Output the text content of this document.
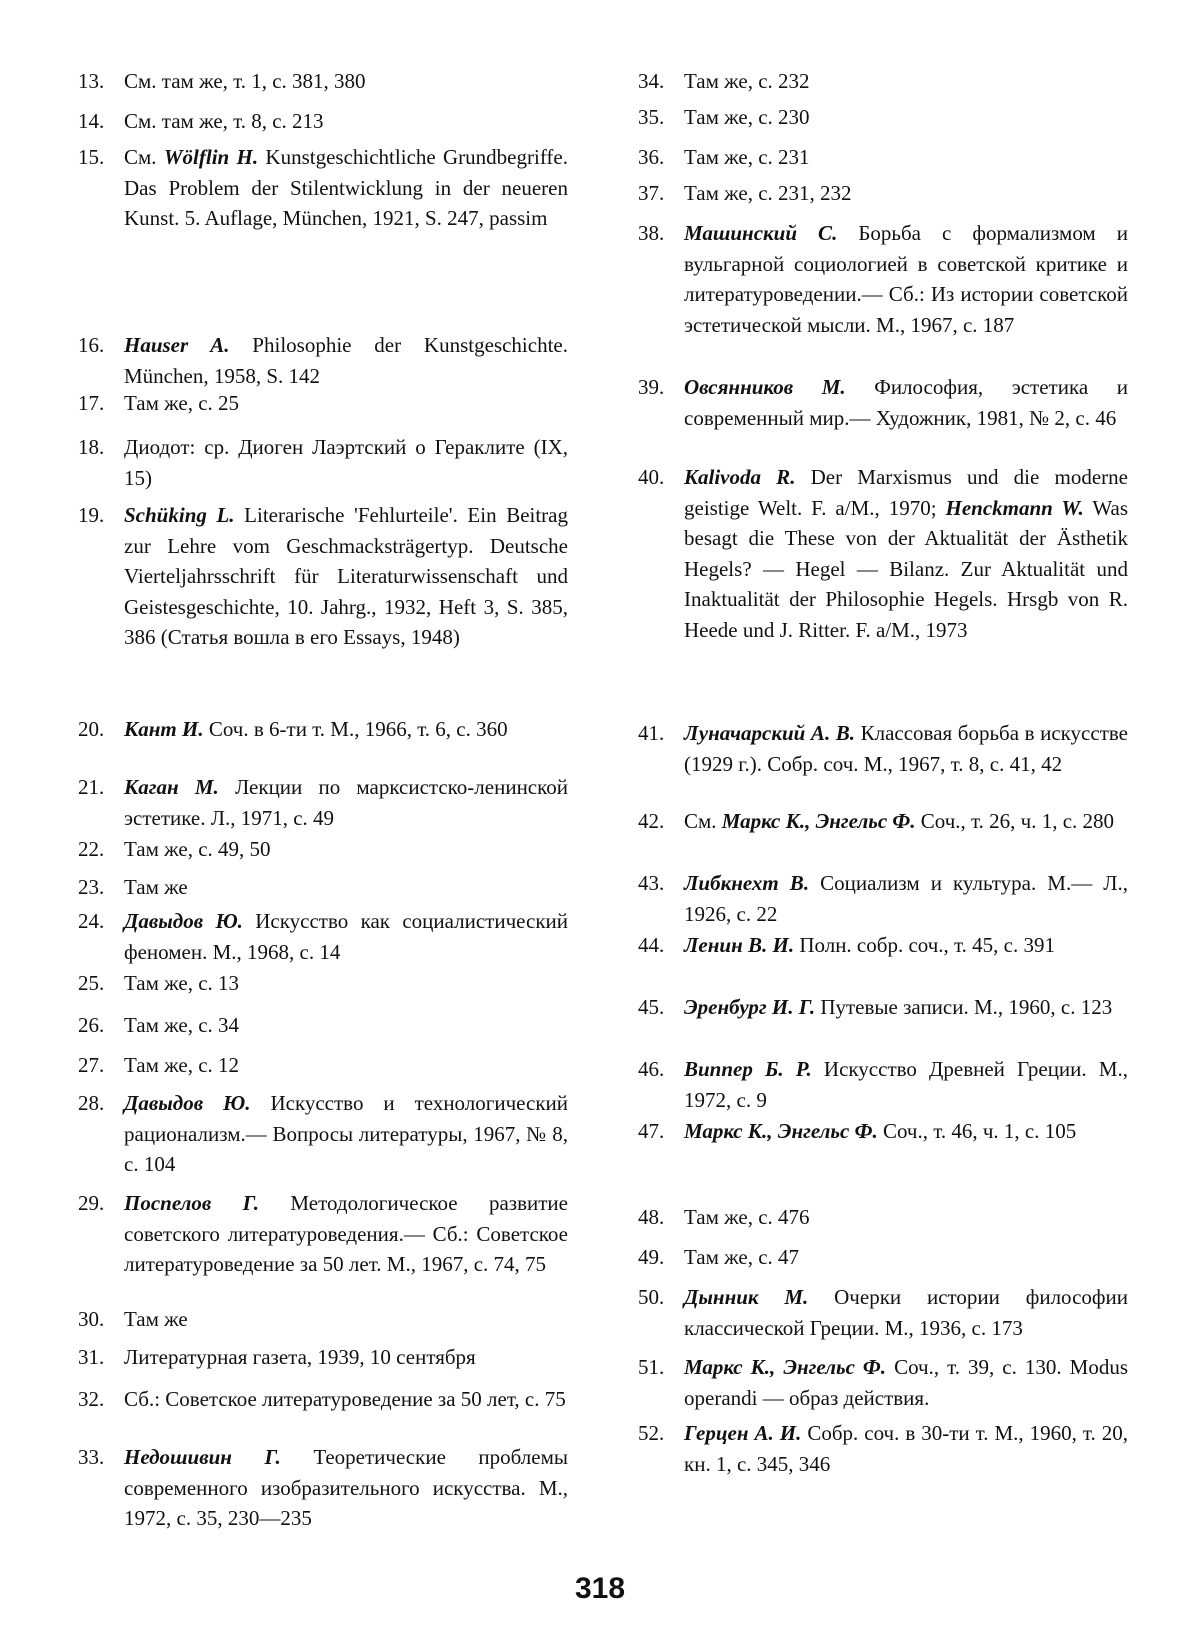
13. См. там же, т. 1, с. 381, 380
14. См. там же, т. 8, с. 213
15. См. Wölflin H. Kunstgeschichtliche Grundbegriffe. Das Problem der Stilentwicklung in der neueren Kunst. 5. Auflage, München, 1921, S. 247, passim
16. Hauser A. Philosophie der Kunstgeschichte. München, 1958, S. 142
17. Там же, с. 25
18. Диодот: ср. Диоген Лаэртский о Гераклите (IX, 15)
19. Schüking L. Literarische 'Fehlurteile'. Ein Beitrag zur Lehre vom Geschmacksträgertyp. Deutsche Vierteljahrsschrift für Literaturwissenschaft und Geistesgeschichte, 10. Jahrg., 1932, Heft 3, S. 385, 386 (Статья вошла в его Essays, 1948)
20. Кант И. Соч. в 6-ти т. М., 1966, т. 6, с. 360
21. Каган М. Лекции по марксистско-ленинской эстетике. Л., 1971, с. 49
22. Там же, с. 49, 50
23. Там же
24. Давыдов Ю. Искусство как социалистический феномен. М., 1968, с. 14
25. Там же, с. 13
26. Там же, с. 34
27. Там же, с. 12
28. Давыдов Ю. Искусство и технологический рационализм.— Вопросы литературы, 1967, № 8, с. 104
29. Поспелов Г. Методологическое развитие советского литературоведения.— Сб.: Советское литературоведение за 50 лет. М., 1967, с. 74, 75
30. Там же
31. Литературная газета, 1939, 10 сентября
32. Сб.: Советское литературоведение за 50 лет, с. 75
33. Недошивин Г. Теоретические проблемы современного изобразительного искусства. М., 1972, с. 35, 230—235
34. Там же, с. 232
35. Там же, с. 230
36. Там же, с. 231
37. Там же, с. 231, 232
38. Машинский С. Борьба с формализмом и вульгарной социологией в советской критике и литературоведении.— Сб.: Из истории советской эстетической мысли. М., 1967, с. 187
39. Овсянников М. Философия, эстетика и современный мир.— Художник, 1981, № 2, с. 46
40. Kalivoda R. Der Marxismus und die moderne geistige Welt. F. a/M., 1970; Henckmann W. Was besagt die These von der Aktualität der Ästhetik Hegels? — Hegel — Bilanz. Zur Aktualität und Inaktualität der Philosophie Hegels. Hrsgb von R. Heede und J. Ritter. F. a/M., 1973
41. Луначарский А. В. Классовая борьба в искусстве (1929 г.). Собр. соч. М., 1967, т. 8, с. 41, 42
42. См. Маркс К., Энгельс Ф. Соч., т. 26, ч. 1, с. 280
43. Либкнехт В. Социализм и культура. М.— Л., 1926, с. 22
44. Ленин В. И. Полн. собр. соч., т. 45, с. 391
45. Эренбург И. Г. Путевые записи. М., 1960, с. 123
46. Виппер Б. Р. Искусство Древней Греции. М., 1972, с. 9
47. Маркс К., Энгельс Ф. Соч., т. 46, ч. 1, с. 105
48. Там же, с. 476
49. Там же, с. 47
50. Дынник М. Очерки истории философии классической Греции. М., 1936, с. 173
51. Маркс К., Энгельс Ф. Соч., т. 39, с. 130. Modus operandi — образ действия.
52. Герцен А. И. Собр. соч. в 30-ти т. М., 1960, т. 20, кн. 1, с. 345, 346
318
